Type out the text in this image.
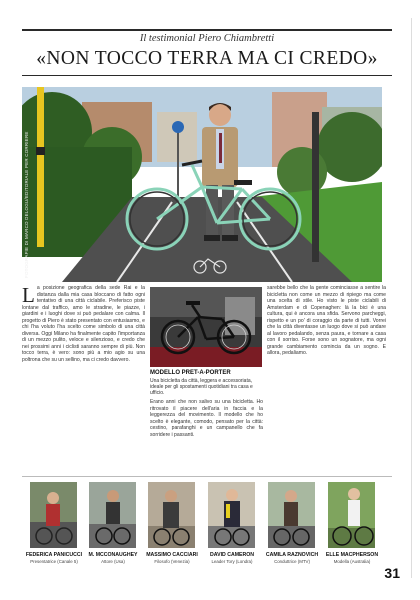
Il testimonial Piero Chiambretti
«NON TOCCO TERRA MA CI CREDO»
FOTOGRAFIE DI MARCO DELOGU/EDITORIALE PER CORRIERE
L a posizione geografica della sede Rai e la distanza dalla mia casa bloccano di fatto ogni tentativo di una città ciclabile. Preferisco piste lontane dal traffico, amo le stradine, le piazze, i giardini e i luoghi dove si può pedalare con calma. Il progetto di Piero è stato presentato con entusiasmo, e chi l'ha voluto l'ha scelto come simbolo di una città diversa. Oggi Milano ha finalmente capito l'importanza di un mezzo pulito, veloce e silenzioso, e credo che nei prossimi anni i ciclisti saranno sempre di più. Non tocco terra, è vero: sono più a mio agio su una poltrona che su un sellino, ma ci credo davvero.
MODELLO PRET-A-PORTER
Una bicicletta da città, leggera e accessoriata, ideale per gli spostamenti quotidiani tra casa e ufficio.
Erano anni che non salivo su una bicicletta. Ho ritrovato il piacere dell'aria in faccia e la leggerezza del movimento. Il modello che ho scelto è elegante, comodo, pensato per la città: cestino, parafanghi e un campanello che fa sorridere i passanti.
sarebbe bello che la gente cominciasse a sentire la bicicletta non come un mezzo di ripiego ma come una scelta di stile. Ho visto le piste ciclabili di Amsterdam e di Copenaghen: là la bici è una cultura, qui è ancora una sfida. Servono parcheggi, rispetto e un po' di coraggio da parte di tutti. Vorrei che la città diventasse un luogo dove si può andare al lavoro pedalando, senza paura, e tornare a casa con il sorriso. Forse sono un sognatore, ma ogni grande cambiamento comincia da un sogno. E allora, pedaliamo.
FEDERICA PANICUCCI
Presentatrice (Canale 5)
M. MCCONAUGHEY
Attore (Usa)
MASSIMO CACCIARI
Filosofo (Venezia)
DAVID CAMERON
Leader Tory (Londra)
CAMILA RAZNOVICH
Conduttrice (MTV)
ELLE MACPHERSON
Modella (Australia)
31
